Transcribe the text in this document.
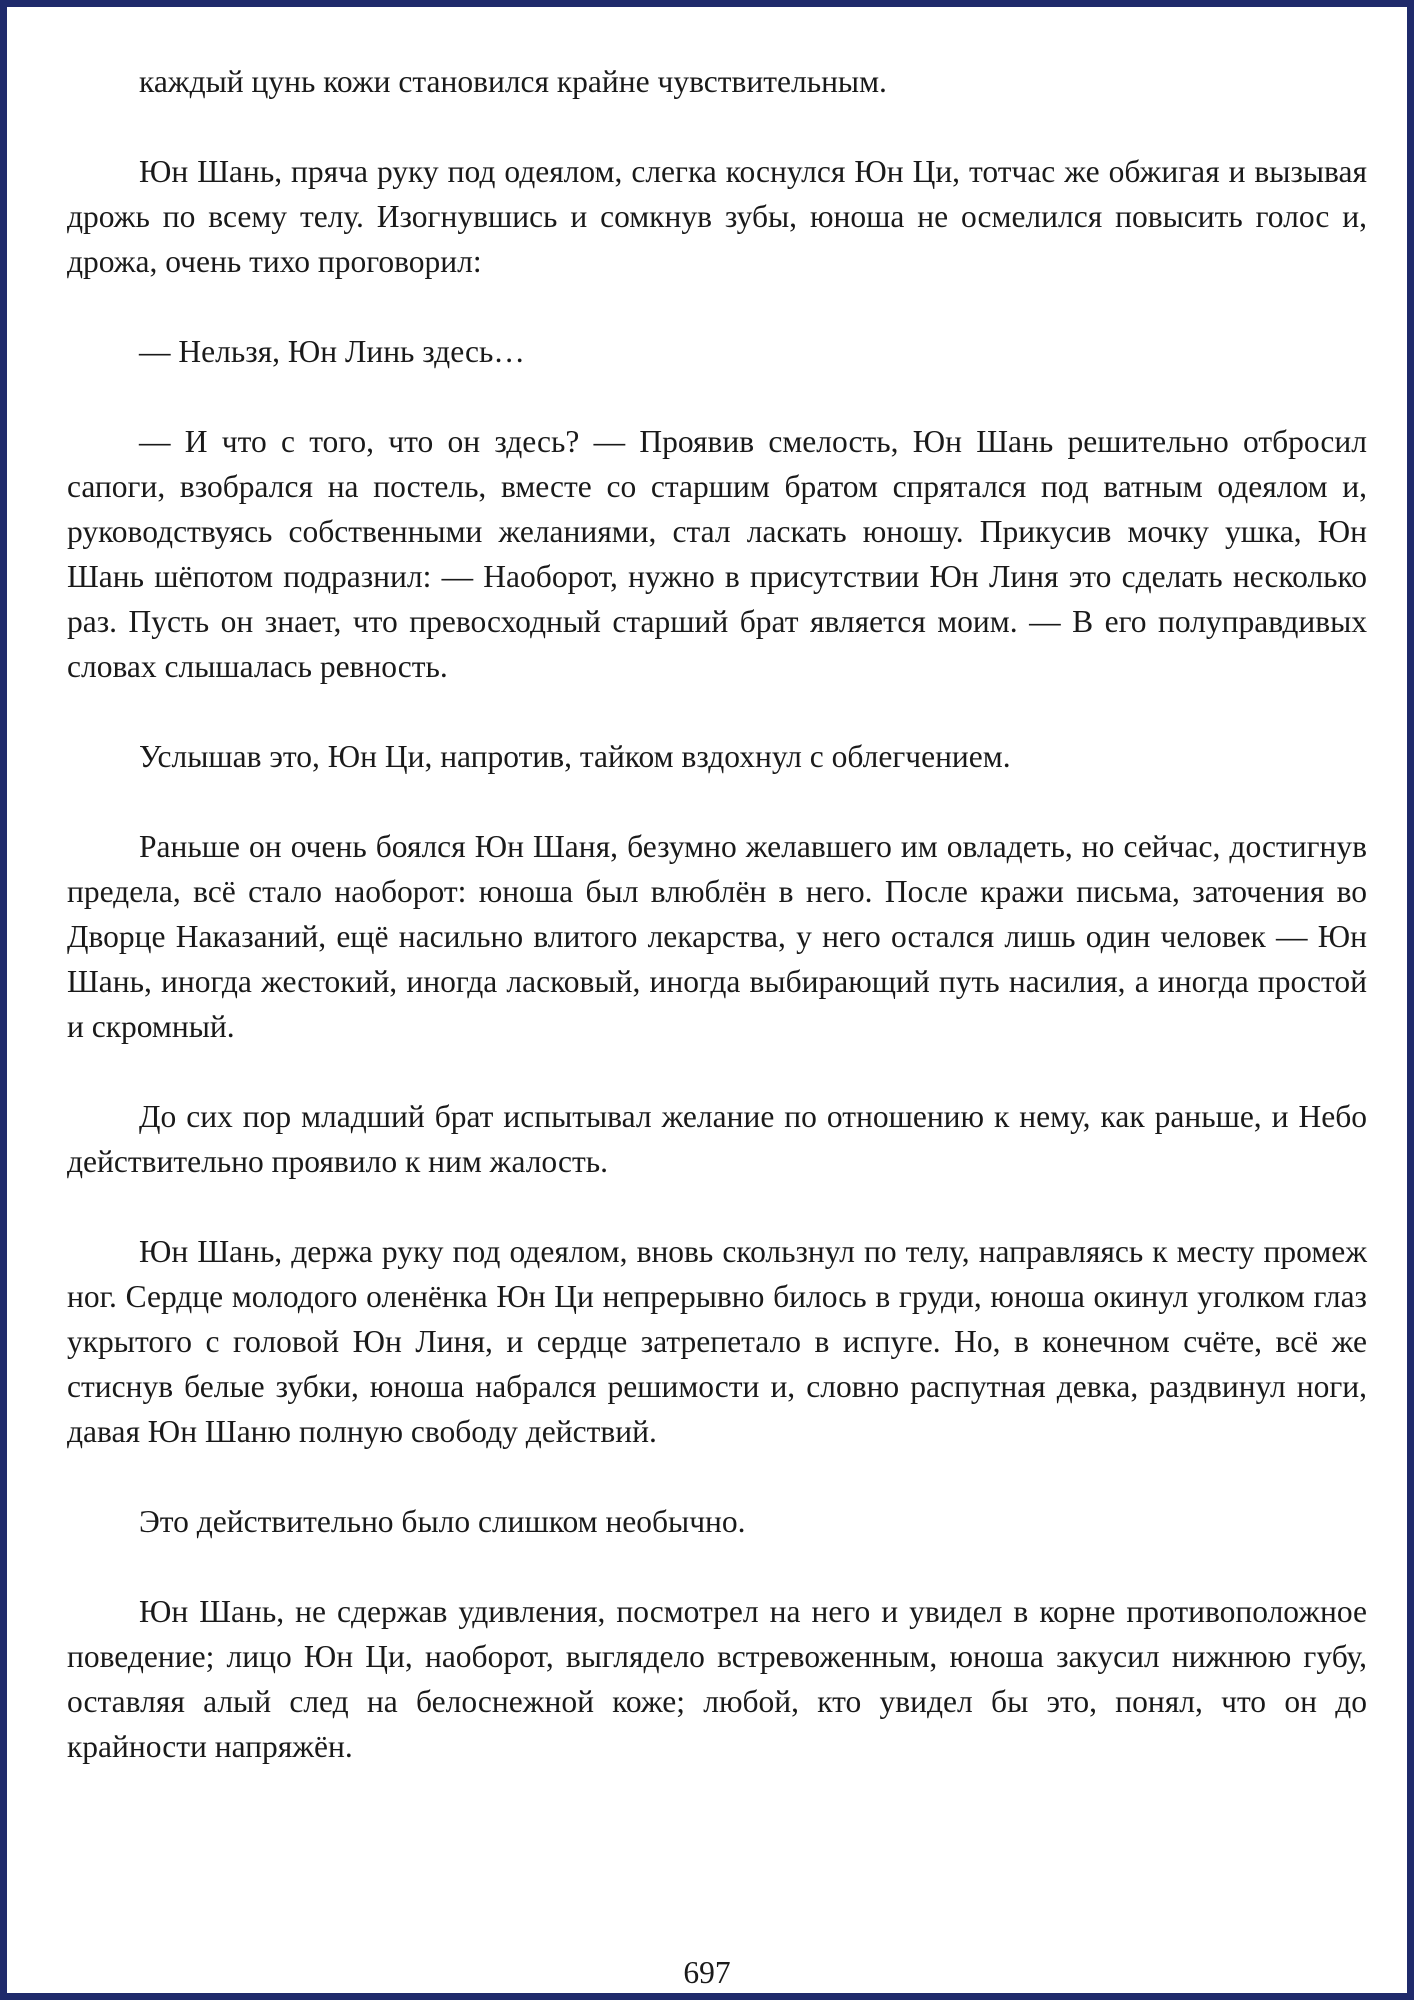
каждый цунь кожи становился крайне чувствительным.

Юн Шань, пряча руку под одеялом, слегка коснулся Юн Ци, тотчас же обжигая и вызывая дрожь по всему телу. Изогнувшись и сомкнув зубы, юноша не осмелился повысить голос и, дрожа, очень тихо проговорил:

— Нельзя, Юн Линь здесь…

— И что с того, что он здесь? — Проявив смелость, Юн Шань решительно отбросил сапоги, взобрался на постель, вместе со старшим братом спрятался под ватным одеялом и, руководствуясь собственными желаниями, стал ласкать юношу. Прикусив мочку ушка, Юн Шань шёпотом подразнил: — Наоборот, нужно в присутствии Юн Линя это сделать несколько раз. Пусть он знает, что превосходный старший брат является моим. — В его полуправдивых словах слышалась ревность.

Услышав это, Юн Ци, напротив, тайком вздохнул с облегчением.

Раньше он очень боялся Юн Шаня, безумно желавшего им овладеть, но сейчас, достигнув предела, всё стало наоборот: юноша был влюблён в него. После кражи письма, заточения во Дворце Наказаний, ещё насильно влитого лекарства, у него остался лишь один человек — Юн Шань, иногда жестокий, иногда ласковый, иногда выбирающий путь насилия, а иногда простой и скромный.

До сих пор младший брат испытывал желание по отношению к нему, как раньше, и Небо действительно проявило к ним жалость.

Юн Шань, держа руку под одеялом, вновь скользнул по телу, направляясь к месту промеж ног. Сердце молодого оленёнка Юн Ци непрерывно билось в груди, юноша окинул уголком глаз укрытого с головой Юн Линя, и сердце затрепетало в испуге. Но, в конечном счёте, всё же стиснув белые зубки, юноша набрался решимости и, словно распутная девка, раздвинул ноги, давая Юн Шаню полную свободу действий.

Это действительно было слишком необычно.

Юн Шань, не сдержав удивления, посмотрел на него и увидел в корне противоположное поведение; лицо Юн Ци, наоборот, выглядело встревоженным, юноша закусил нижнюю губу, оставляя алый след на белоснежной коже; любой, кто увидел бы это, понял, что он до крайности напряжён.

697
